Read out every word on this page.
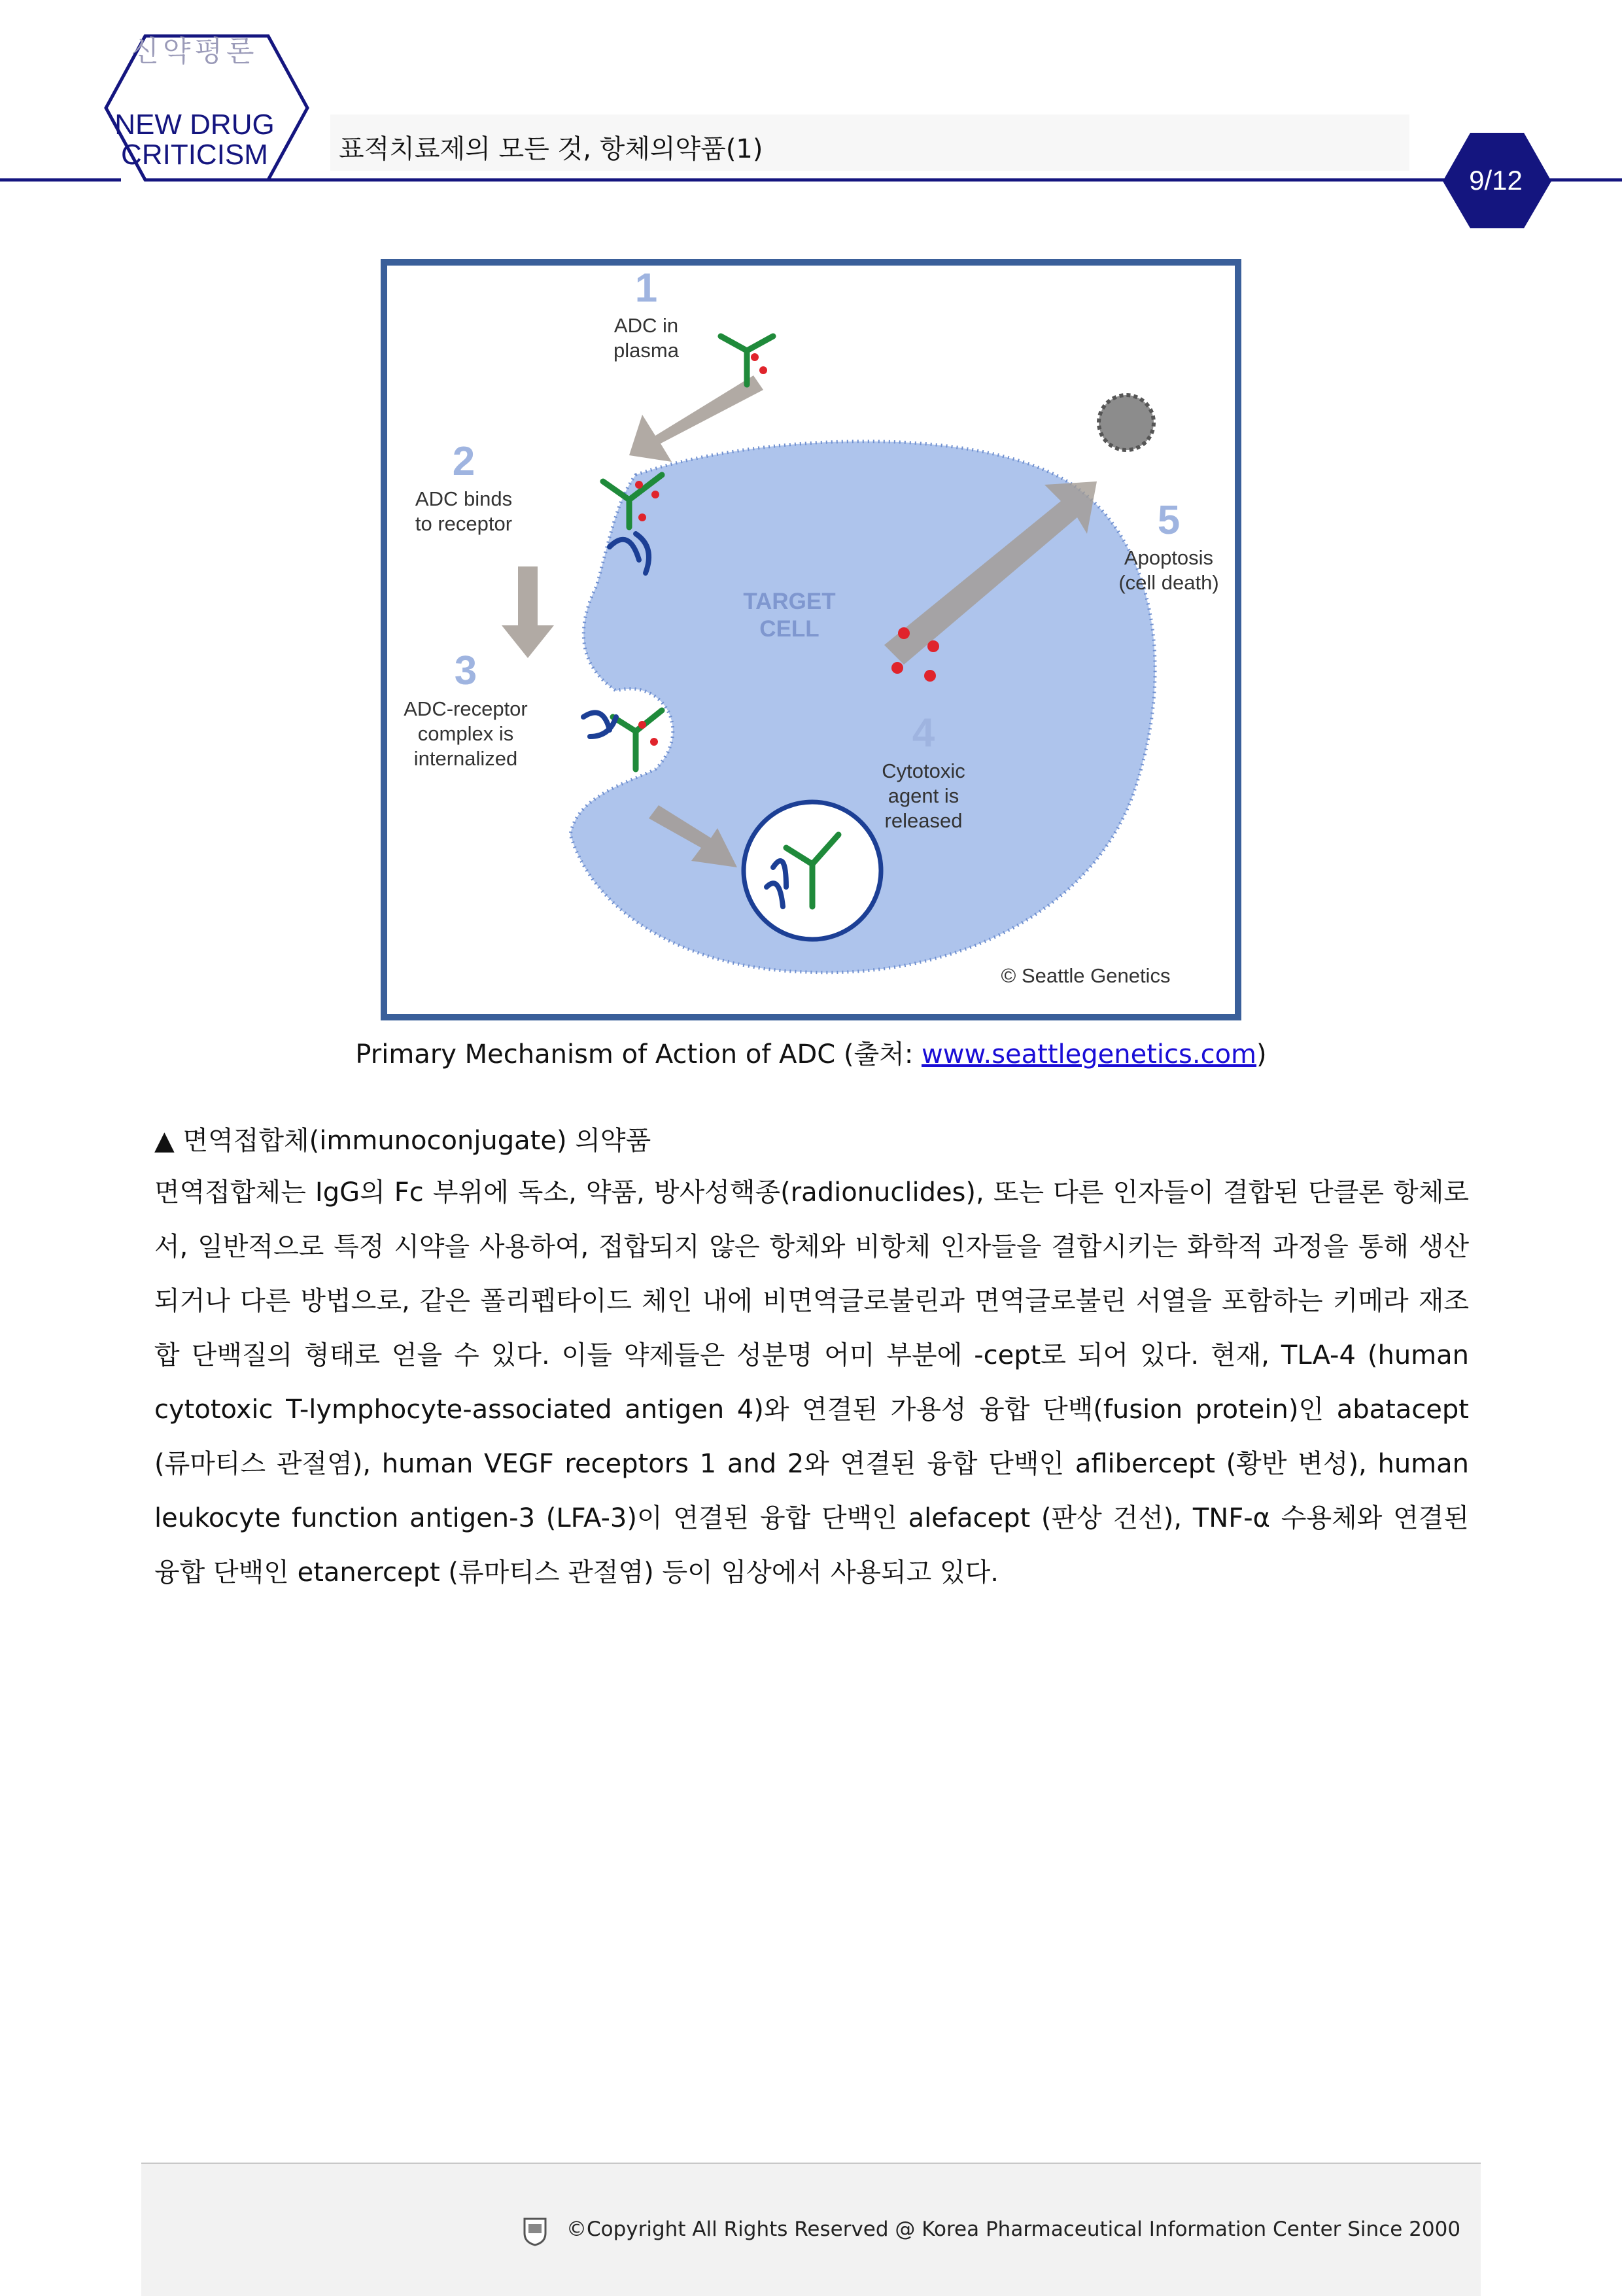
신약평론
NEW DRUG
CRITICISM	표적치료제의 모든 것, 항체의약품(1)
9/12
1
ADC in
plasma
2
ADC binds
to receptor
3
ADC-receptor
complex is
internalized
4
Cytotoxic
agent is
released
5
Apoptosis
(cell death)
TARGET
CELL
© Seattle Genetics
Primary Mechanism of Action of ADC (출처: www.seattlegenetics.com)
▲ 면역접합체(immunoconjugate) 의약품
면역접합체는 IgG의 Fc 부위에 독소, 약품, 방사성핵종(radionuclides), 또는 다른 인자들이 결합된 단클론 항체로서, 일반적으로 특정 시약을 사용하여, 접합되지 않은 항체와 비항체 인자들을 결합시키는 화학적 과정을 통해 생산되거나 다른 방법으로, 같은 폴리펩타이드 체인 내에 비면역글로불린과 면역글로불린 서열을 포함하는 키메라 재조합 단백질의 형태로 얻을 수 있다. 이들 약제들은 성분명 어미 부분에 -cept로 되어 있다. 현재, TLA-4 (human cytotoxic T-lymphocyte-associated antigen 4)와 연결된 가용성 융합 단백(fusion protein)인 abatacept (류마티스 관절염), human VEGF receptors 1 and 2와 연결된 융합 단백인 aflibercept (황반 변성), human leukocyte function antigen-3 (LFA-3)이 연결된 융합 단백인 alefacept (판상 건선), TNF-α 수용체와 연결된 융합 단백인 etanercept (류마티스 관절염) 등이 임상에서 사용되고 있다.
©Copyright All Rights Reserved @ Korea Pharmaceutical Information Center Since 2000
